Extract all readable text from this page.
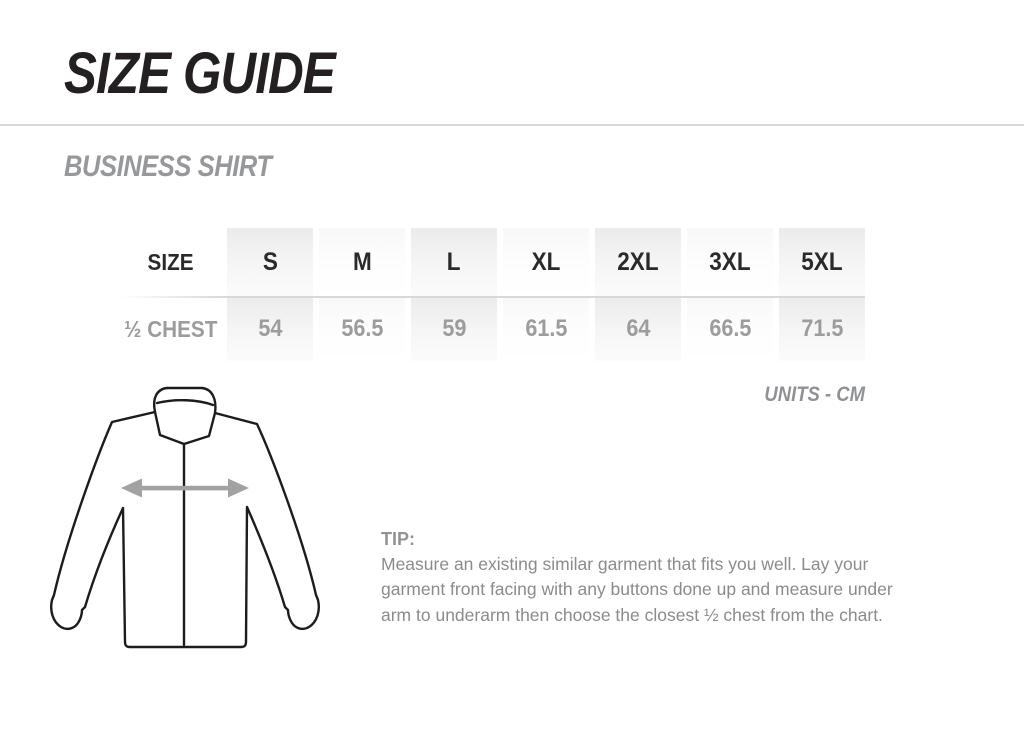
SIZE GUIDE
BUSINESS SHIRT
SIZE	S	M	L	XL 2XL 3XL 5XL
½ CHEST 54 56.5 59 61.5 64 66.5 71.5
UNITS - CM
TIP:
Measure an existing similar garment that fits you well. Lay your
garment front facing with any buttons done up and measure under
arm to underarm then choose the closest ½ chest from the chart.
